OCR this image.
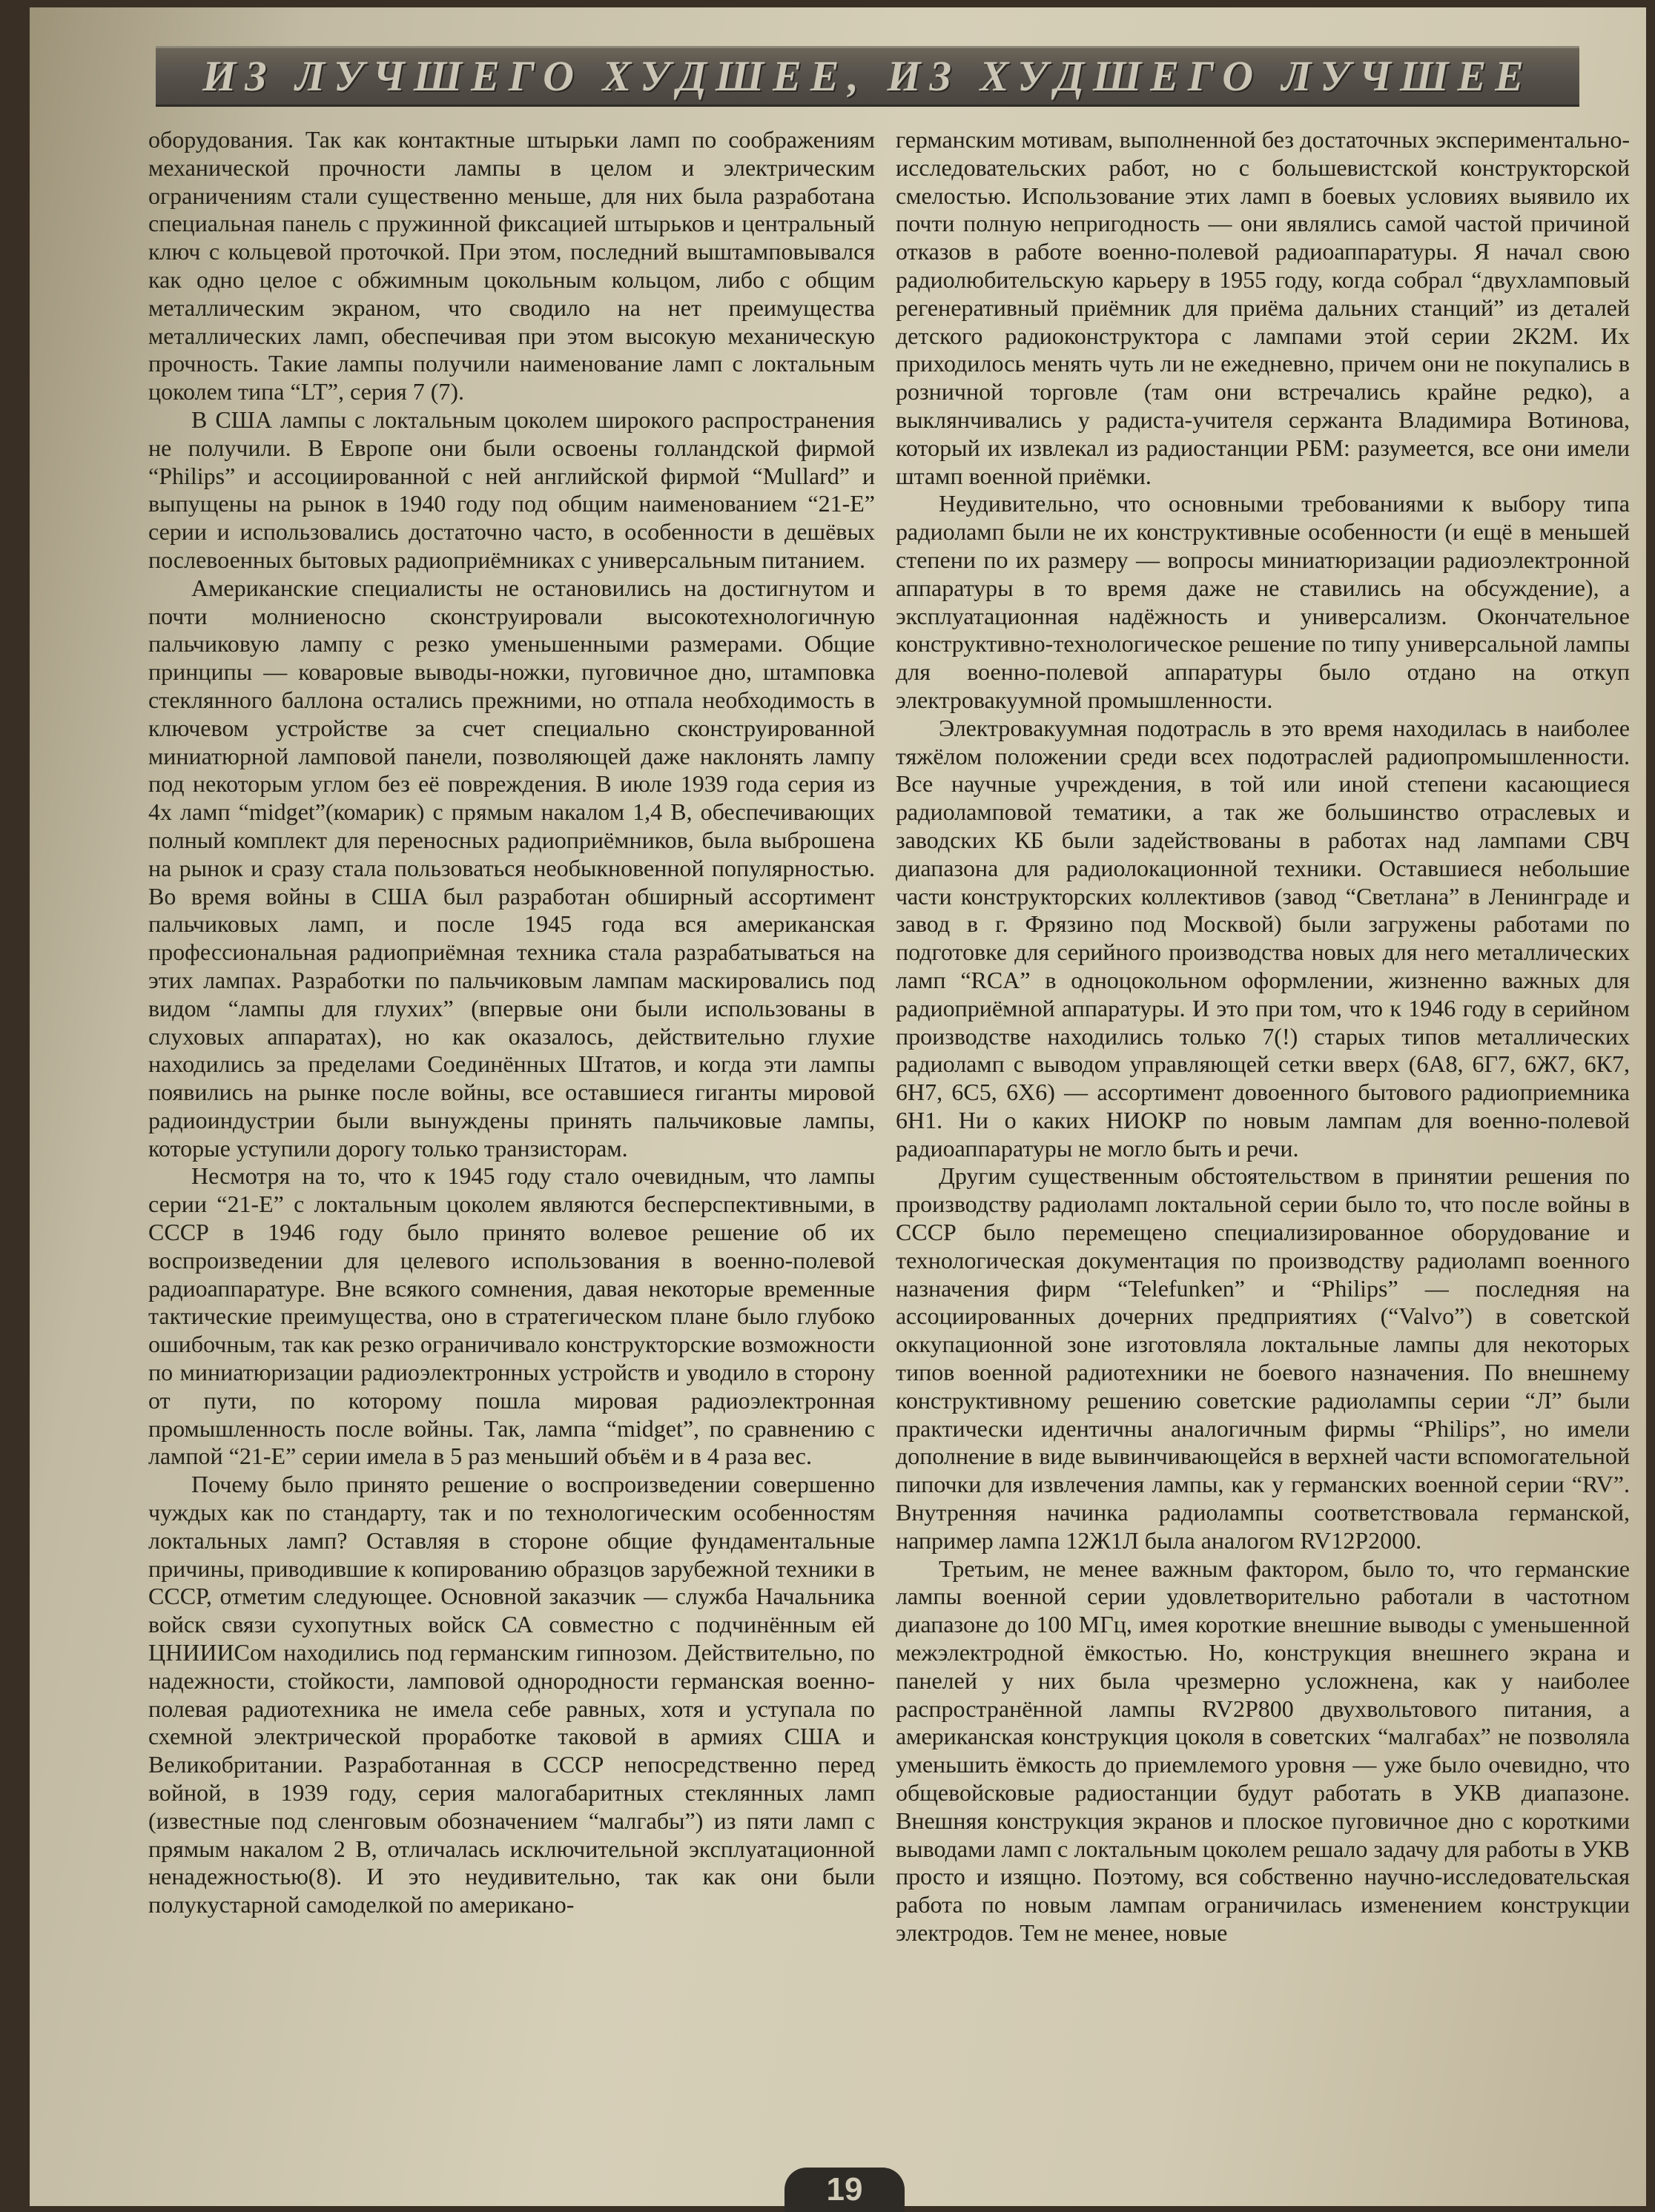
ИЗ ЛУЧШЕГО ХУДШЕЕ, ИЗ ХУДШЕГО ЛУЧШЕЕ

оборудования. Так как контактные штырьки ламп по соображениям механической прочности лампы в целом и электрическим ограничениям стали существенно меньше, для них была разработана специальная панель с пружинной фиксацией штырьков и центральный ключ с кольцевой проточкой. При этом, последний выштамповывался как одно целое с обжимным цокольным кольцом, либо с общим металлическим экраном, что сводило на нет преимущества металлических ламп, обеспечивая при этом высокую механическую прочность. Такие лампы получили наименование ламп с локтальным цоколем типа “LT”, серия 7 (7).

В США лампы с локтальным цоколем широкого распространения не получили. В Европе они были освоены голландской фирмой “Philips” и ассоциированной с ней английской фирмой “Mullard” и выпущены на рынок в 1940 году под общим наименованием “21-E” серии и использовались достаточно часто, в особенности в дешёвых послевоенных бытовых радиоприёмниках с универсальным питанием.

Американские специалисты не остановились на достигнутом и почти молниеносно сконструировали высокотехнологичную пальчиковую лампу с резко уменьшенными размерами. Общие принципы — коваровые выводы-ножки, пуговичное дно, штамповка стеклянного баллона остались прежними, но отпала необходимость в ключевом устройстве за счет специально сконструированной миниатюрной ламповой панели, позволяющей даже наклонять лампу под некоторым углом без её повреждения. В июле 1939 года серия из 4х ламп “midget”(комарик) с прямым накалом 1,4 В, обеспечивающих полный комплект для переносных радиоприёмников, была выброшена на рынок и сразу стала пользоваться необыкновенной популярностью. Во время войны в США был разработан обширный ассортимент пальчиковых ламп, и после 1945 года вся американская профессиональная радиоприёмная техника стала разрабатываться на этих лампах. Разработки по пальчиковым лампам маскировались под видом “лампы для глухих” (впервые они были использованы в слуховых аппаратах), но как оказалось, действительно глухие находились за пределами Соединённых Штатов, и когда эти лампы появились на рынке после войны, все оставшиеся гиганты мировой радиоиндустрии были вынуждены принять пальчиковые лампы, которые уступили дорогу только транзисторам.

Несмотря на то, что к 1945 году стало очевидным, что лампы серии “21-E” с локтальным цоколем являются бесперспективными, в СССР в 1946 году было принято волевое решение об их воспроизведении для целевого использования в военно-полевой радиоаппаратуре. Вне всякого сомнения, давая некоторые временные тактические преимущества, оно в стратегическом плане было глубоко ошибочным, так как резко ограничивало конструкторские возможности по миниатюризации радиоэлектронных устройств и уводило в сторону от пути, по которому пошла мировая радиоэлектронная промышленность после войны. Так, лампа “midget”, по сравнению с лампой “21-E” серии имела в 5 раз меньший объём и в 4 раза вес.

Почему было принято решение о воспроизведении совершенно чуждых как по стандарту, так и по технологическим особенностям локтальных ламп? Оставляя в стороне общие фундаментальные причины, приводившие к копированию образцов зарубежной техники в СССР, отметим следующее. Основной заказчик — служба Начальника войск связи сухопутных войск СА совместно с подчинённым ей ЦНИИИСом находились под германским гипнозом. Действительно, по надежности, стойкости, ламповой однородности германская военно-полевая радиотехника не имела себе равных, хотя и уступала по схемной электрической проработке таковой в армиях США и Великобритании. Разработанная в СССР непосредственно перед войной, в 1939 году, серия малогабаритных стеклянных ламп (известные под сленговым обозначением “малгабы”) из пяти ламп с прямым накалом 2 В, отличалась исключительной эксплуатационной ненадежностью(8). И это неудивительно, так как они были полукустарной самоделкой по американо-

германским мотивам, выполненной без достаточных экспериментально-исследовательских работ, но с большевистской конструкторской смелостью. Использование этих ламп в боевых условиях выявило их почти полную непригодность — они являлись самой частой причиной отказов в работе военно-полевой радиоаппаратуры. Я начал свою радиолюбительскую карьеру в 1955 году, когда собрал “двухламповый регенеративный приёмник для приёма дальних станций” из деталей детского радиоконструктора с лампами этой серии 2К2М. Их приходилось менять чуть ли не ежедневно, причем они не покупались в розничной торговле (там они встречались крайне редко), а выклянчивались у радиста-учителя сержанта Владимира Вотинова, который их извлекал из радиостанции РБМ: разумеется, все они имели штамп военной приёмки.

Неудивительно, что основными требованиями к выбору типа радиоламп были не их конструктивные особенности (и ещё в меньшей степени по их размеру — вопросы миниатюризации радиоэлектронной аппаратуры в то время даже не ставились на обсуждение), а эксплуатационная надёжность и универсализм. Окончательное конструктивно-технологическое решение по типу универсальной лампы для военно-полевой аппаратуры было отдано на откуп электровакуумной промышленности.

Электровакуумная подотрасль в это время находилась в наиболее тяжёлом положении среди всех подотраслей радиопромышленности. Все научные учреждения, в той или иной степени касающиеся радиоламповой тематики, а так же большинство отраслевых и заводских КБ были задействованы в работах над лампами СВЧ диапазона для радиолокационной техники. Оставшиеся небольшие части конструкторских коллективов (завод “Светлана” в Ленинграде и завод в г. Фрязино под Москвой) были загружены работами по подготовке для серийного производства новых для него металлических ламп “RCA” в одноцокольном оформлении, жизненно важных для радиоприёмной аппаратуры. И это при том, что к 1946 году в серийном производстве находились только 7(!) старых типов металлических радиоламп с выводом управляющей сетки вверх (6А8, 6Г7, 6Ж7, 6К7, 6Н7, 6С5, 6Х6) — ассортимент довоенного бытового радиоприемника 6Н1. Ни о каких НИОКР по новым лампам для военно-полевой радиоаппаратуры не могло быть и речи.

Другим существенным обстоятельством в принятии решения по производству радиоламп локтальной серии было то, что после войны в СССР было перемещено специализированное оборудование и технологическая документация по производству радиоламп военного назначения фирм “Telefunken” и “Philips” — последняя на ассоциированных дочерних предприятиях (“Valvo”) в советской оккупационной зоне изготовляла локтальные лампы для некоторых типов военной радиотехники не боевого назначения. По внешнему конструктивному решению советские радиолампы серии “Л” были практически идентичны аналогичным фирмы “Philips”, но имели дополнение в виде вывинчивающейся в верхней части вспомогательной пипочки для извлечения лампы, как у германских военной серии “RV”. Внутренняя начинка радиолампы соответствовала германской, например лампа 12Ж1Л была аналогом RV12P2000.

Третьим, не менее важным фактором, было то, что германские лампы военной серии удовлетворительно работали в частотном диапазоне до 100 МГц, имея короткие внешние выводы с уменьшенной межэлектродной ёмкостью. Но, конструкция внешнего экрана и панелей у них была чрезмерно усложнена, как у наиболее распространённой лампы RV2P800 двухвольтового питания, а американская конструкция цоколя в советских “малгабах” не позволяла уменьшить ёмкость до приемлемого уровня — уже было очевидно, что общевойсковые радиостанции будут работать в УКВ диапазоне. Внешняя конструкция экранов и плоское пуговичное дно с короткими выводами ламп с локтальным цоколем решало задачу для работы в УКВ просто и изящно. Поэтому, вся собственно научно-исследовательская работа по новым лампам ограничилась изменением конструкции электродов. Тем не менее, новые

19
